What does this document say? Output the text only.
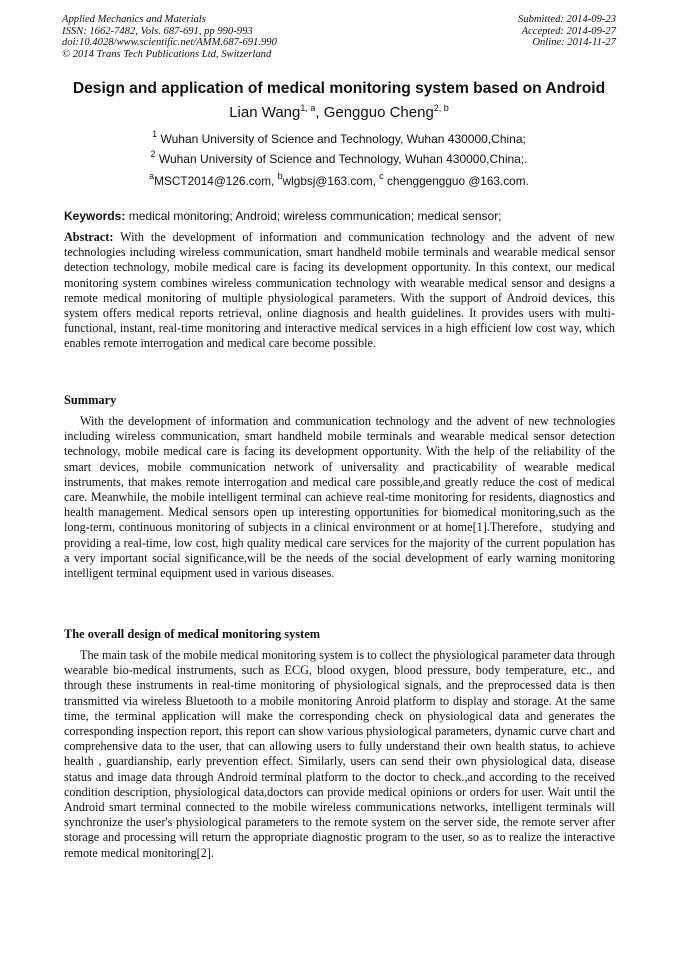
Applied Mechanics and Materials
ISSN: 1662-7482, Vols. 687-691, pp 990-993
doi:10.4028/www.scientific.net/AMM.687-691.990
© 2014 Trans Tech Publications Ltd, Switzerland
Submitted: 2014-09-23
Accepted: 2014-09-27
Online: 2014-11-27
Design and application of medical monitoring system based on Android
Lian Wang$^{1, a}$, Gengguo Cheng$^{2, b}$
$^1$ Wuhan University of Science and Technology, Wuhan 430000,China;
$^2$ Wuhan University of Science and Technology, Wuhan 430000,China;.
$^a$MSCT2014@126.com, $^b$wlgbsj@163.com, $^c$ chenggengguo @163.com.
Keywords: medical monitoring; Android; wireless communication; medical sensor;

Abstract: With the development of information and communication technology and the advent of new technologies including wireless communication, smart handheld mobile terminals and wearable medical sensor detection technology, mobile medical care is facing its development opportunity. In this context, our medical monitoring system combines wireless communication technology with wearable medical sensor and designs a remote medical monitoring of multiple physiological parameters. With the support of Android devices, this system offers medical reports retrieval, online diagnosis and health guidelines. It provides users with multi-functional, instant, real-time monitoring and interactive medical services in a high efficient low cost way, which enables remote interrogation and medical care become possible.

Summary

With the development of information and communication technology and the advent of new technologies including wireless communication, smart handheld mobile terminals and wearable medical sensor detection technology, mobile medical care is facing its development opportunity. With the help of the reliability of the smart devices, mobile communication network of universality and practicability of wearable medical instruments, that makes remote interrogation and medical care possible,and greatly reduce the cost of medical care. Meanwhile, the mobile intelligent terminal can achieve real-time monitoring for residents, diagnostics and health management. Medical sensors open up interesting opportunities for biomedical monitoring,such as the long-term, continuous monitoring of subjects in a clinical environment or at home[1].Therefore，studying and providing a real-time, low cost, high quality medical care services for the majority of the current population has a very important social significance,will be the needs of the social development of early warning monitoring intelligent terminal equipment used in various diseases.

The overall design of medical monitoring system

The main task of the mobile medical monitoring system is to collect the physiological parameter data through wearable bio-medical instruments, such as ECG, blood oxygen, blood pressure, body temperature, etc., and through these instruments in real-time monitoring of physiological signals, and the preprocessed data is then transmitted via wireless Bluetooth to a mobile monitoring Anroid platform to display and storage. At the same time, the terminal application will make the corresponding check on physiological data and generates the corresponding inspection report, this report can show various physiological parameters, dynamic curve chart and comprehensive data to the user, that can allowing users to fully understand their own health status, to achieve health , guardianship, early prevention effect. Similarly, users can send their own physiological data, disease status and image data through Android terminal platform to the doctor to check.,and according to the received condition description, physiological data,doctors can provide medical opinions or orders for user. Wait until the Android smart terminal connected to the mobile wireless communications networks, intelligent terminals will synchronize the user's physiological parameters to the remote system on the server side, the remote server after storage and processing will return the appropriate diagnostic program to the user, so as to realize the interactive remote medical monitoring[2].
